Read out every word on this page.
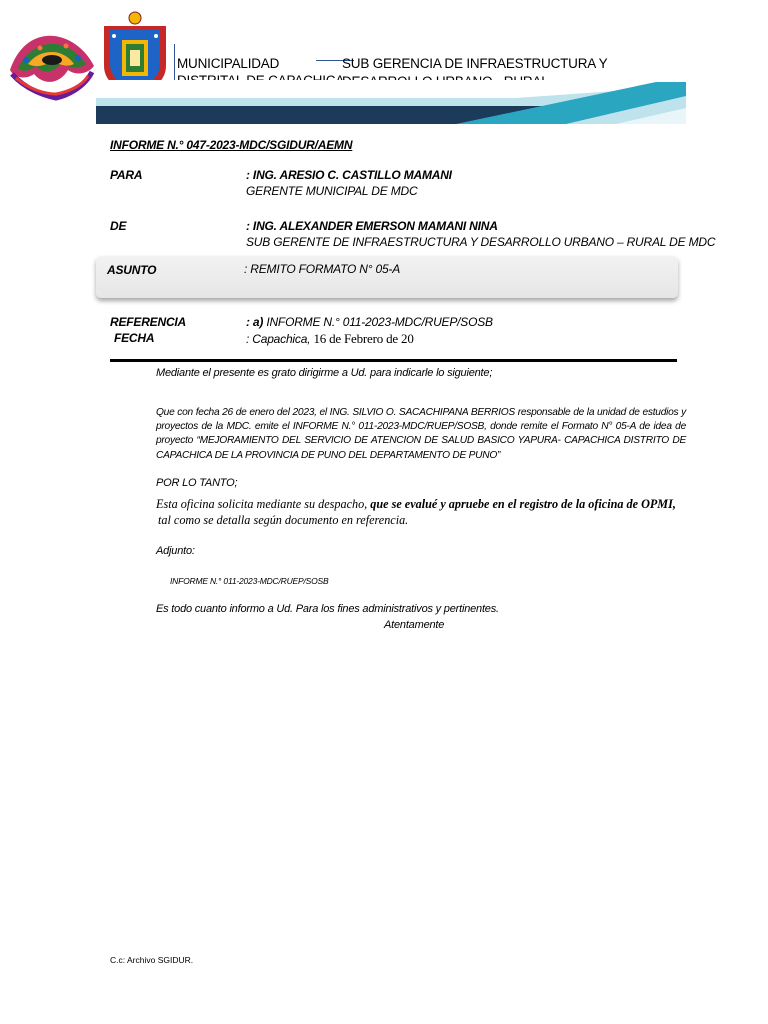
MUNICIPALIDAD	SUB GERENCIA DE INFRAESTRUCTURA Y
INFORME N.° 047-2023-MDC/SGIDUR/AEMN
PARA	: ING. ARESIO C. CASTILLO MAMANI
GERENTE MUNICIPAL DE MDC
DE	: ING. ALEXANDER EMERSON MAMANI NINA
SUB GERENTE DE INFRAESTRUCTURA Y DESARROLLO URBANO – RURAL DE MDC
ASUNTO	: REMITO FORMATO N° 05-A
REFERENCIA	: a) INFORME N.° 011-2023-MDC/RUEP/SOSB
FECHA	: Capachica, 16 de Febrero de 20
Mediante el presente es grato dirigirme a Ud. para indicarle lo siguiente;
Que con fecha 26 de enero del 2023, el ING. SILVIO O. SACACHIPANA BERRIOS responsable de la unidad de estudios y proyectos de la MDC. emite el INFORME N.° 011-2023-MDC/RUEP/SOSB, donde remite el Formato N° 05-A de idea de proyecto “MEJORAMIENTO DEL SERVICIO DE ATENCION DE SALUD BASICO YAPURA- CAPACHICA DISTRITO DE CAPACHICA DE LA PROVINCIA DE PUNO DEL DEPARTAMENTO DE PUNO”
POR LO TANTO;
Esta oficina solicita mediante su despacho, que se evalué y apruebe en el registro de la oficina de OPMI,
tal como se detalla según documento en referencia.
Adjunto:
INFORME N.° 011-2023-MDC/RUEP/SOSB
Es todo cuanto informo a Ud. Para los fines administrativos y pertinentes.
Atentamente
C.c: Archivo SGIDUR.
